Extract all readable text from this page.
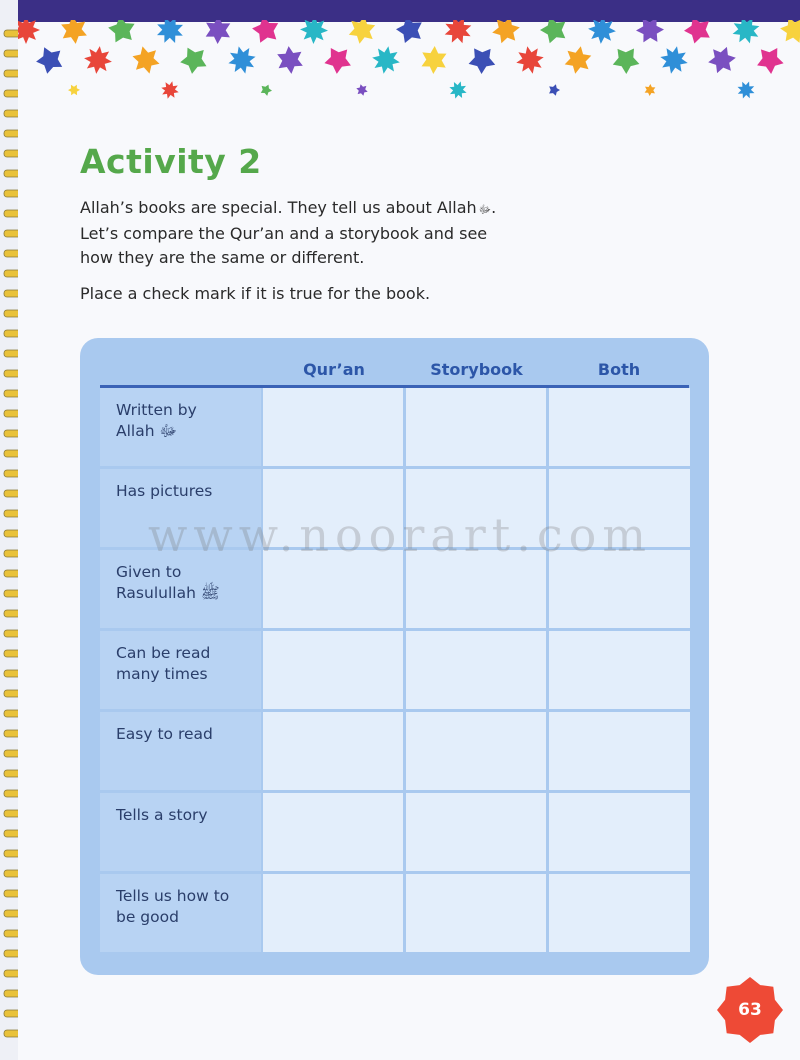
Activity 2

Allah’s books are special. They tell us about Allah ﷻ.

Let’s compare the Qur’an and a storybook and see

how they are the same or different.

Place a check mark if it is true for the book.

Qur’an	Storybook	Both
Written by
Allah ﷻ
Has pictures
Given to
Rasulullah ﷺ
Can be read
many times
Easy to read
Tells a story
Tells us how to
be good
www.noorart.com
63
